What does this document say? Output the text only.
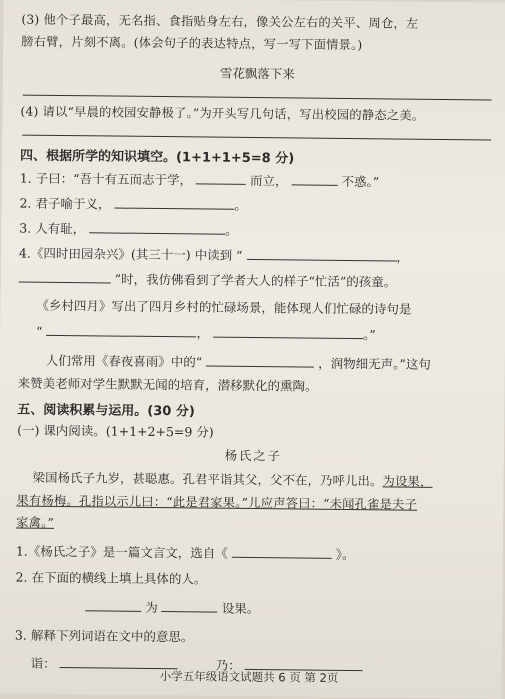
(3) 他个子最高，无名指、食指贴身左右，像关公左右的关平、周仓，左
膀右臂，片刻不离。(体会句子的表达特点，写一写下面情景。)
雪花飘落下来
(4) 请以“早晨的校园安静极了。”为开头写几句话，写出校园的静态之美。
四、根据所学的知识填空。(1+1+1+5=8 分)
1. 子曰：“吾十有五而志于学，	而立，	不惑。”
2. 君子喻于义，	。
3. 人有耻，	。
4.《四时田园杂兴》(其三十一) 中读到 “	，
”时，我仿佛看到了学者大人的样子“忙活”的孩童。
《乡村四月》写出了四月乡村的忙碌场景，能体现人们忙碌的诗句是
“	，	。”
人们常用《春夜喜雨》中的“	，润物细无声。”这句
来赞美老师对学生默默无闻的培育，潜移默化的熏陶。
五、阅读积累与运用。(30 分)
(一) 课内阅读。(1+1+2+5=9 分)
杨氏之子
梁国杨氏子九岁，甚聪惠。孔君平诣其父，父不在，乃呼儿出。为设果，
果有杨梅。孔指以示儿曰：“此是君家果。”儿应声答曰：“未闻孔雀是夫子
家禽。”
1.《杨氏之子》是一篇文言文，选自《	》。
2. 在下面的横线上填上具体的人。
为	设果。
3. 解释下列词语在文中的意思。
诣：	乃：
小学五年级语文试题共 6 页 第 2页
